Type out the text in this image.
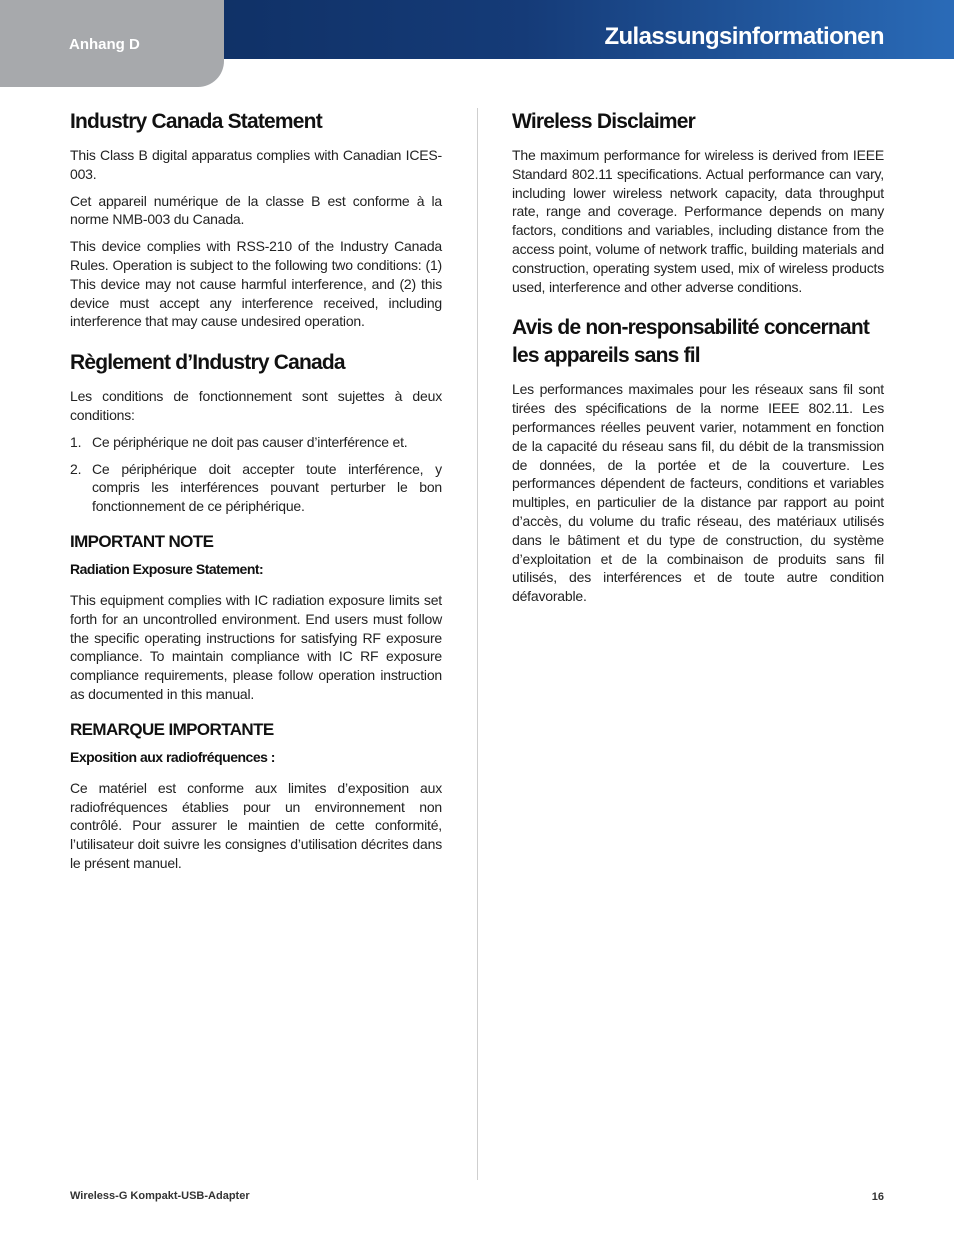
Anhang D	Zulassungsinformationen
Industry Canada Statement

This Class B digital apparatus complies with Canadian ICES-003.

Cet appareil numérique de la classe B est conforme à la norme NMB-003 du Canada.

This device complies with RSS-210 of the Industry Canada Rules. Operation is subject to the following two conditions: (1) This device may not cause harmful interference, and (2) this device must accept any interference received, including interference that may cause undesired operation.

Règlement d’Industry Canada

Les conditions de fonctionnement sont sujettes à deux conditions:

1. Ce périphérique ne doit pas causer d’interférence et.
2. Ce périphérique doit accepter toute interférence, y compris les interférences pouvant perturber le bon fonctionnement de ce périphérique.
IMPORTANT NOTE
Radiation Exposure Statement:

This equipment complies with IC radiation exposure limits set forth for an uncontrolled environment. End users must follow the specific operating instructions for satisfying RF exposure compliance. To maintain compliance with IC RF exposure compliance requirements, please follow operation instruction as documented in this manual.

REMARQUE IMPORTANTE
Exposition aux radiofréquences :

Ce matériel est conforme aux limites d’exposition aux radiofréquences établies pour un environnement non contrôlé. Pour assurer le maintien de cette conformité, l’utilisateur doit suivre les consignes d’utilisation décrites dans le présent manuel.

Wireless Disclaimer

The maximum performance for wireless is derived from IEEE Standard 802.11 specifications. Actual performance can vary, including lower wireless network capacity, data throughput rate, range and coverage. Performance depends on many factors, conditions and variables, including distance from the access point, volume of network traffic, building materials and construction, operating system used, mix of wireless products used, interference and other adverse conditions.

Avis de non-responsabilité concernant les appareils sans fil

Les performances maximales pour les réseaux sans fil sont tirées des spécifications de la norme IEEE 802.11. Les performances réelles peuvent varier, notamment en fonction de la capacité du réseau sans fil, du débit de la transmission de données, de la portée et de la couverture. Les performances dépendent de facteurs, conditions et variables multiples, en particulier de la distance par rapport au point d’accès, du volume du trafic réseau, des matériaux utilisés dans le bâtiment et du type de construction, du système d’exploitation et de la combinaison de produits sans fil utilisés, des interférences et de toute autre condition défavorable.

Wireless-G Kompakt-USB-Adapter	16
